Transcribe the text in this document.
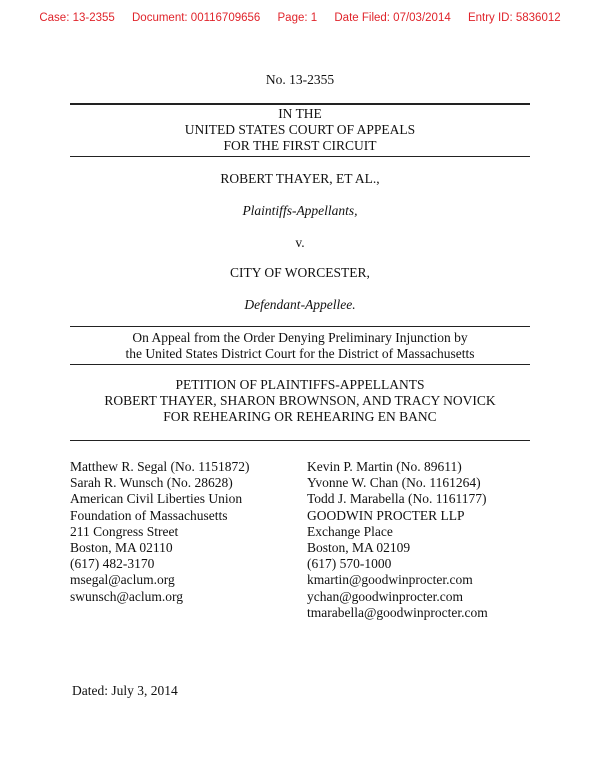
Case: 13-2355 Document: 00116709656 Page: 1 Date Filed: 07/03/2014 Entry ID: 5836012
No. 13-2355
IN THE
UNITED STATES COURT OF APPEALS
FOR THE FIRST CIRCUIT
ROBERT THAYER, ET AL.,
Plaintiffs-Appellants,
v.
CITY OF WORCESTER,
Defendant-Appellee.
On Appeal from the Order Denying Preliminary Injunction by
the United States District Court for the District of Massachusetts
PETITION OF PLAINTIFFS-APPELLANTS
ROBERT THAYER, SHARON BROWNSON, AND TRACY NOVICK
FOR REHEARING OR REHEARING EN BANC
Matthew R. Segal (No. 1151872)
Sarah R. Wunsch (No. 28628)
American Civil Liberties Union
Foundation of Massachusetts
211 Congress Street
Boston, MA 02110
(617) 482-3170
msegal@aclum.org
swunsch@aclum.org
Kevin P. Martin (No. 89611)
Yvonne W. Chan (No. 1161264)
Todd J. Marabella (No. 1161177)
GOODWIN PROCTER LLP
Exchange Place
Boston, MA 02109
(617) 570-1000
kmartin@goodwinprocter.com
ychan@goodwinprocter.com
tmarabella@goodwinprocter.com
Dated: July 3, 2014
